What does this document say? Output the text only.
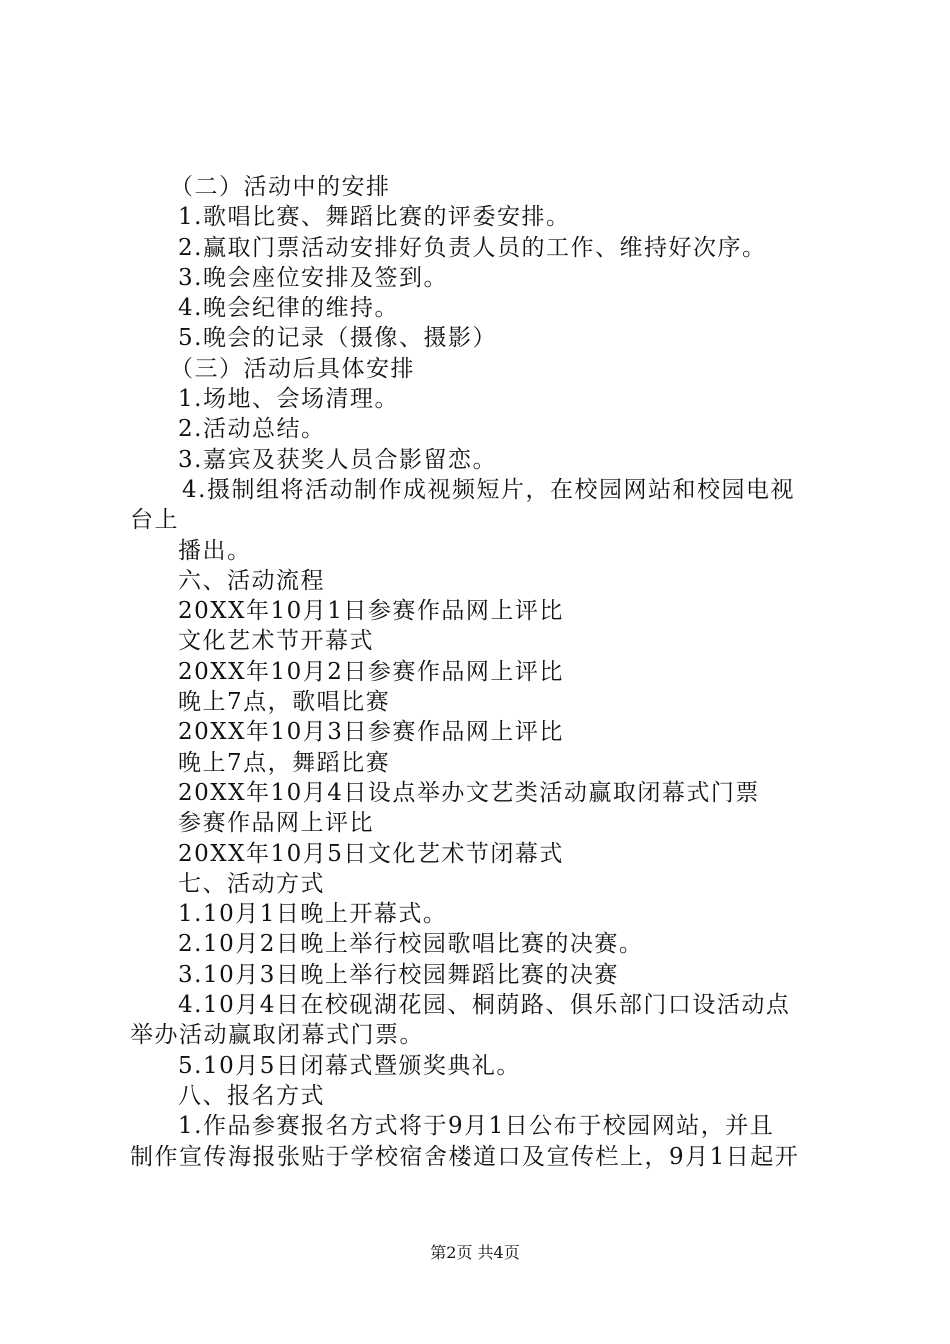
（二）活动中的安排
1.歌唱比赛、舞蹈比赛的评委安排。
2.赢取门票活动安排好负责人员的工作、维持好次序。
3.晚会座位安排及签到。
4.晚会纪律的维持。
5.晚会的记录（摄像、摄影）
（三）活动后具体安排
1.场地、会场清理。
2.活动总结。
3.嘉宾及获奖人员合影留恋。
4.摄制组将活动制作成视频短片，在校园网站和校园电视
台上
播出。
六、活动流程
20XX年10月1日参赛作品网上评比
文化艺术节开幕式
20XX年10月2日参赛作品网上评比
晚上7点，歌唱比赛
20XX年10月3日参赛作品网上评比
晚上7点，舞蹈比赛
20XX年10月4日设点举办文艺类活动赢取闭幕式门票
参赛作品网上评比
20XX年10月5日文化艺术节闭幕式
七、活动方式
1.10月1日晚上开幕式。
2.10月2日晚上举行校园歌唱比赛的决赛。
3.10月3日晚上举行校园舞蹈比赛的决赛
4.10月4日在校砚湖花园、桐荫路、俱乐部门口设活动点
举办活动赢取闭幕式门票。
5.10月5日闭幕式暨颁奖典礼。
八、报名方式
1.作品参赛报名方式将于9月1日公布于校园网站，并且
制作宣传海报张贴于学校宿舍楼道口及宣传栏上，9月1日起开
第2页 共4页
